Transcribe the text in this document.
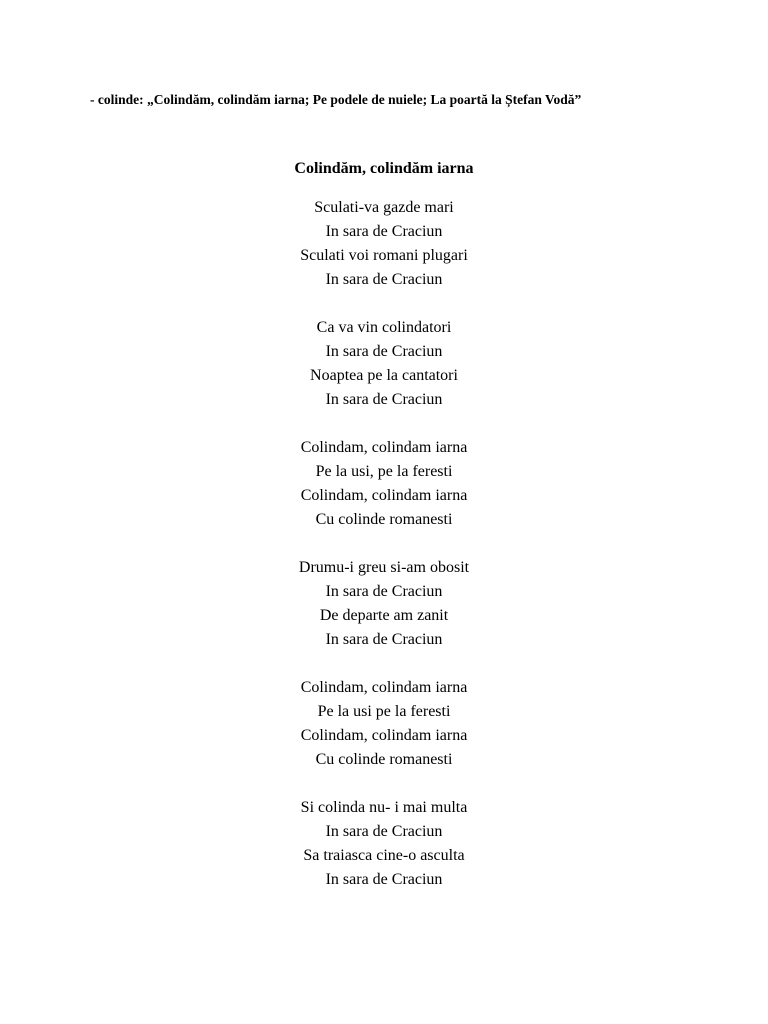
- colinde: „Colindăm, colindăm iarna; Pe podele de nuiele; La poartă la Ștefan Vodă”
Colindăm, colindăm iarna
Sculati-va gazde mari
In sara de Craciun
Sculati voi romani plugari
In sara de Craciun
Ca va vin colindatori
In sara de Craciun
Noaptea pe la cantatori
In sara de Craciun
Colindam, colindam iarna
Pe la usi, pe la feresti
Colindam, colindam iarna
Cu colinde romanesti
Drumu-i greu si-am obosit
In sara de Craciun
De departe am zanit
In sara de Craciun
Colindam, colindam iarna
Pe la usi pe la feresti
Colindam, colindam iarna
Cu colinde romanesti
Si colinda nu- i mai multa
In sara de Craciun
Sa traiasca cine-o asculta
In sara de Craciun
